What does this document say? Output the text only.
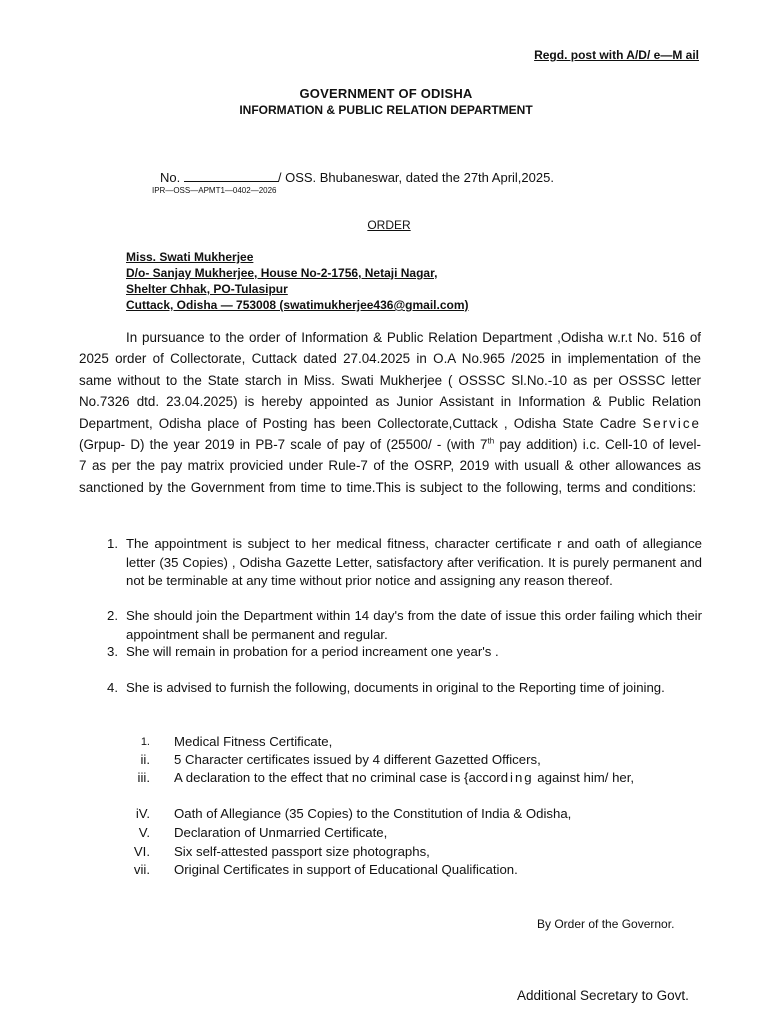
Regd. post with A/D/ e—M ail
GOVERNMENT OF ODISHA
INFORMATION & PUBLIC RELATION DEPARTMENT
No.	/ OSS. Bhubaneswar, dated the 27th April,2025.
IPR—OSS—APMT1—0402—2026
ORDER
Miss. Swati Mukherjee
D/o- Sanjay Mukherjee, House No-2-1756, Netaji Nagar,
Shelter Chhak, PO-Tulasipur
Cuttack, Odisha — 753008 (swatimukherjee436@gmail.com)
In pursuance to the order of Information & Public Relation Department ,Odisha w.r.t No. 516 of 2025 order of Collectorate, Cuttack dated 27.04.2025 in O.A No.965 /2025 in implementation of the same without to the State starch in Miss. Swati Mukherjee ( OSSSC Sl.No.-10 as per OSSSC letter No.7326 dtd. 23.04.2025) is hereby appointed as Junior Assistant in Information & Public Relation Department, Odisha place of Posting has been Collectorate,Cuttack , Odisha State Cadre Service (Grpup- D) the year 2019 in PB-7 scale of pay of (25500/ - (with 7th pay addition) i.c. Cell-10 of level- 7 as per the pay matrix provicied under Rule-7 of the OSRP, 2019 with usuall & other allowances as sanctioned by the Government from time to time.This is subject to the following, terms and conditions:
1. The appointment is subject to her medical fitness, character certificate r and oath of allegiance letter (35 Copies) , Odisha Gazette Letter, satisfactory after verification. It is purely permanent and not be terminable at any time without prior notice and assigning any reason thereof.
2. She should join the Department within 14 day's from the date of issue this order failing which their appointment shall be permanent and regular.
3. She will remain in probation for a period increament one year's .
4. She is advised to furnish the following, documents in original to the Reporting time of joining.
1. Medical Fitness Certificate,
ii. 5 Character certificates issued by 4 different Gazetted Officers,
iii. A declaration to the effect that no criminal case is {according against him/ her,
iV. Oath of Allegiance (35 Copies) to the Constitution of India & Odisha,
V. Declaration of Unmarried Certificate,
VI. Six self-attested passport size photographs,
vii. Original Certificates in support of Educational Qualification.
By Order of the Governor.
Additional Secretary to Govt.
